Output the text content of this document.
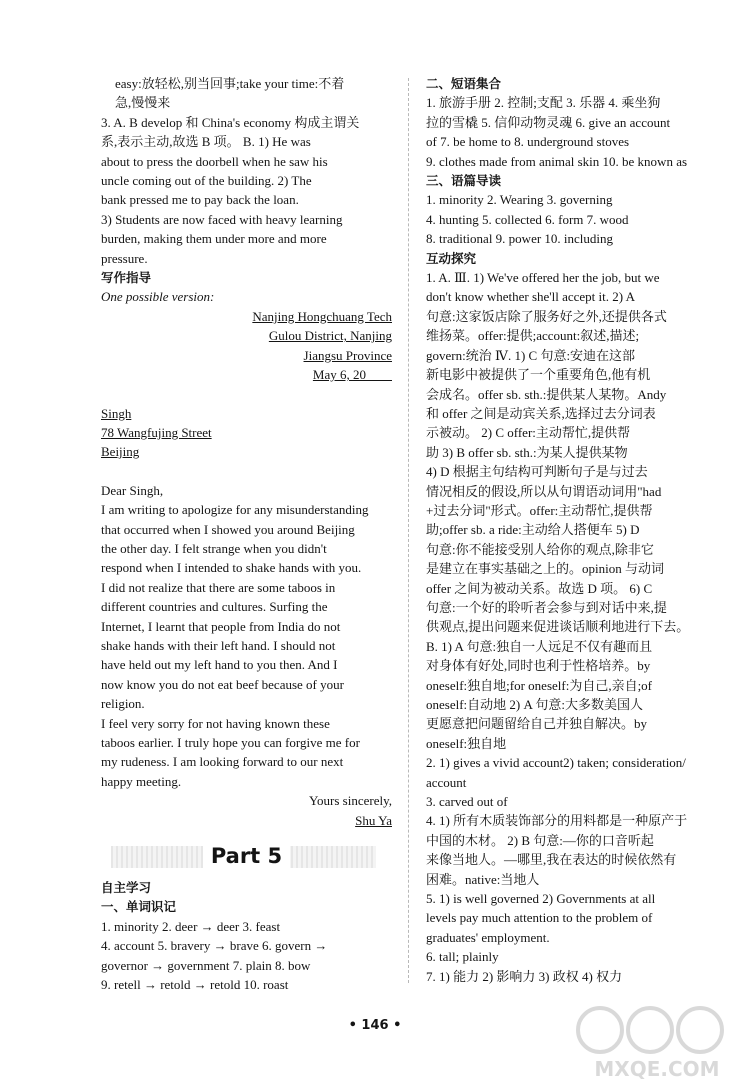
easy:放轻松,别当回事;take your time:不着
急,慢慢来

3. A. B develop 和 China's economy 构成主谓关
系,表示主动,故选 B 项。 B. 1) He was
about to press the doorbell when he saw his
uncle coming out of the building. 2) The
bank pressed me to pay back the loan.
3) Students are now faced with heavy learning
burden, making them under more and more
pressure.

写作指导
One possible version:
Nanjing Hongchuang Tech
Gulou District, Nanjing
Jiangsu Province
May 6, 20＿＿
Singh
78 Wangfujing Street
Beijing
Dear Singh,

I am writing to apologize for any misunderstanding
that occurred when I showed you around Beijing
the other day. I felt strange when you didn't
respond when I intended to shake hands with you.
I did not realize that there are some taboos in
different countries and cultures. Surfing the
Internet, I learnt that people from India do not
shake hands with their left hand. I should not
have held out my left hand to you then. And I
now know you do not eat beef because of your
religion.

I feel very sorry for not having known these
taboos earlier. I truly hope you can forgive me for
my rudeness. I am looking forward to our next
happy meeting.

Yours sincerely,
Shu Ya
Part 5
自主学习
一、单词识记
1. minority 2. deer → deer 3. feast
4. account 5. bravery → brave 6. govern →
governor → government 7. plain 8. bow
9. retell → retold → retold 10. roast
二、短语集合

1. 旅游手册 2. 控制;支配 3. 乐器 4. 乘坐狗
拉的雪橇 5. 信仰动物灵魂 6. give an account
of 7. be home to 8. underground stoves
9. clothes made from animal skin 10. be known as

三、语篇导读

1. minority 2. Wearing 3. governing
4. hunting 5. collected 6. form 7. wood
8. traditional 9. power 10. including

互动探究

1. A. Ⅲ. 1) We've offered her the job, but we
don't know whether she'll accept it. 2) A
句意:这家饭店除了服务好之外,还提供各式
维扬菜。offer:提供;account:叙述,描述;
govern:统治 Ⅳ. 1) C 句意:安迪在这部
新电影中被提供了一个重要角色,他有机
会成名。offer sb. sth.:提供某人某物。Andy
和 offer 之间是动宾关系,选择过去分词表
示被动。 2) C offer:主动帮忙,提供帮
助 3) B offer sb. sth.:为某人提供某物
4) D 根据主句结构可判断句子是与过去
情况相反的假设,所以从句谓语动词用"had
+过去分词"形式。offer:主动帮忙,提供帮
助;offer sb. a ride:主动给人搭便车 5) D
句意:你不能接受别人给你的观点,除非它
是建立在事实基础之上的。opinion 与动词
offer 之间为被动关系。故选 D 项。 6) C
句意:一个好的聆听者会参与到对话中来,提
供观点,提出问题来促进谈话顺利地进行下去。
B. 1) A 句意:独自一人远足不仅有趣而且
对身体有好处,同时也利于性格培养。by
oneself:独自地;for oneself:为自己,亲自;of
oneself:自动地 2) A 句意:大多数美国人
更愿意把问题留给自己并独自解决。by
oneself:独自地

2. 1) gives a vivid account2) taken; consideration/
account

3. carved out of

4. 1) 所有木质装饰部分的用料都是一种原产于
中国的木材。 2) B 句意:—你的口音听起
来像当地人。—哪里,我在表达的时候依然有
困难。native:当地人

5. 1) is well governed 2) Governments at all
levels pay much attention to the problem of
graduates' employment.

6. tall; plainly

7. 1) 能力 2) 影响力 3) 政权 4) 权力

• 146 •
MXQE.COM
